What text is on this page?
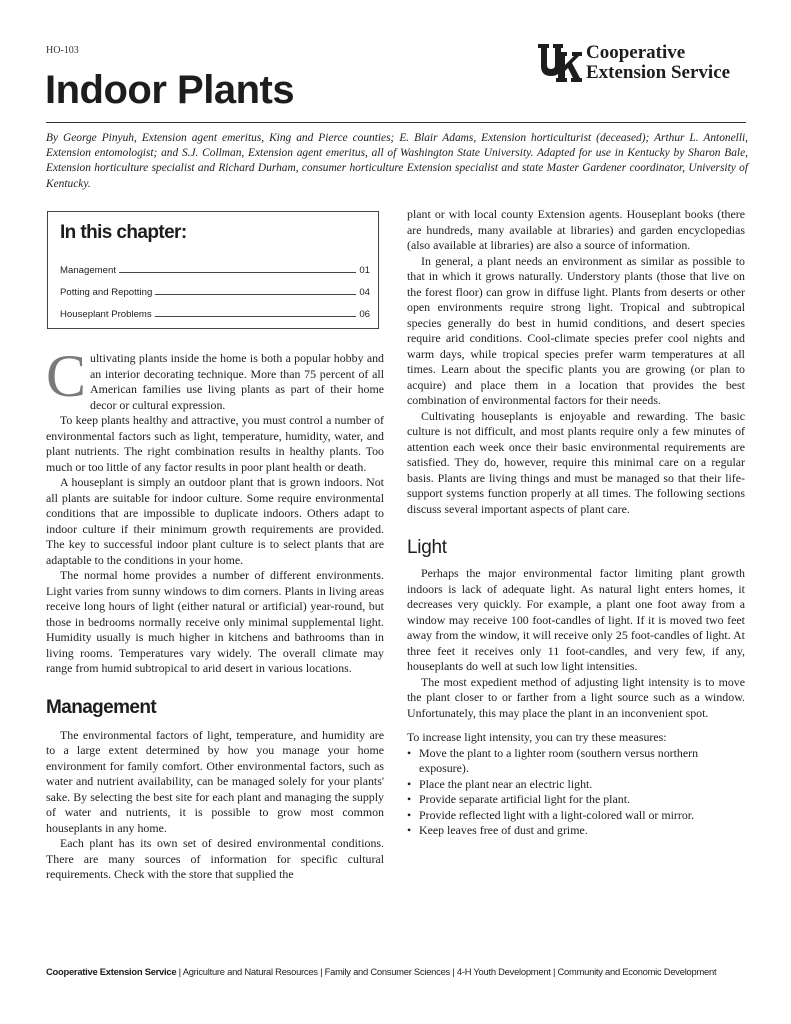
HO-103	Cooperative
Extension Service
Indoor Plants

By George Pinyuh, Extension agent emeritus, King and Pierce counties; E. Blair Adams, Extension horticulturist (deceased); Arthur L. Antonelli, Extension entomologist; and S.J. Collman, Extension agent emeritus, all of Washington State University. Adapted for use in Kentucky by Sharon Bale, Extension horticulture specialist and Richard Durham, consumer horticulture Extension specialist and state Master Gardener coordinator, University of Kentucky.

In this chapter:
Management	01
Potting and Repotting	04
Houseplant Problems	06

Cultivating plants inside the home is both a popular hobby and an interior decorating technique. More than 75 percent of all American families use living plants as part of their home decor or cultural expression.

To keep plants healthy and attractive, you must control a number of environmental factors such as light, temperature, humidity, water, and plant nutrients. The right combination results in healthy plants. Too much or too little of any factor results in poor plant health or death.

A houseplant is simply an outdoor plant that is grown indoors. Not all plants are suitable for indoor culture. Some require environmental conditions that are impossible to duplicate indoors. Others adapt to indoor culture if their minimum growth requirements are provided. The key to successful indoor plant culture is to select plants that are adaptable to the conditions in your home.

The normal home provides a number of different environments. Light varies from sunny windows to dim corners. Plants in living areas receive long hours of light (either natural or artificial) year-round, but those in bedrooms normally receive only minimal supplemental light. Humidity usually is much higher in kitchens and bathrooms than in living rooms. Temperatures vary widely. The overall climate may range from humid subtropical to arid desert in various locations.

Management

The environmental factors of light, temperature, and humidity are to a large extent determined by how you manage your home environment for family comfort. Other environmental factors, such as water and nutrient availability, can be managed solely for your plants' sake. By selecting the best site for each plant and managing the supply of water and nutrients, it is possible to grow most common houseplants in any home.

Each plant has its own set of desired environmental conditions. There are many sources of information for specific cultural requirements. Check with the store that supplied the

plant or with local county Extension agents. Houseplant books (there are hundreds, many available at libraries) and garden encyclopedias (also available at libraries) are also a source of information.

In general, a plant needs an environment as similar as possible to that in which it grows naturally. Understory plants (those that live on the forest floor) can grow in diffuse light. Plants from deserts or other open environments require strong light. Tropical and subtropical species generally do best in humid conditions, and desert species require arid conditions. Cool-climate species prefer cool nights and warm days, while tropical species prefer warm temperatures at all times. Learn about the specific plants you are growing (or plan to acquire) and place them in a location that provides the best combination of environmental factors for their needs.

Cultivating houseplants is enjoyable and rewarding. The basic culture is not difficult, and most plants require only a few minutes of attention each week once their basic environmental requirements are satisfied. They do, however, require this minimal care on a regular basis. Plants are living things and must be managed so that their life-support systems function properly at all times. The following sections discuss several important aspects of plant care.

Light

Perhaps the major environmental factor limiting plant growth indoors is lack of adequate light. As natural light enters homes, it decreases very quickly. For example, a plant one foot away from a window may receive 100 foot-candles of light. If it is moved two feet away from the window, it will receive only 25 foot-candles of light. At three feet it receives only 11 foot-candles, and very few, if any, houseplants do well at such low light intensities.

The most expedient method of adjusting light intensity is to move the plant closer to or farther from a light source such as a window. Unfortunately, this may place the plant in an inconvenient spot.

To increase light intensity, you can try these measures:

• Move the plant to a lighter room (southern versus northern exposure).
• Place the plant near an electric light.
• Provide separate artificial light for the plant.
• Provide reflected light with a light-colored wall or mirror.
• Keep leaves free of dust and grime.
Cooperative Extension Service | Agriculture and Natural Resources | Family and Consumer Sciences | 4-H Youth Development | Community and Economic Development
